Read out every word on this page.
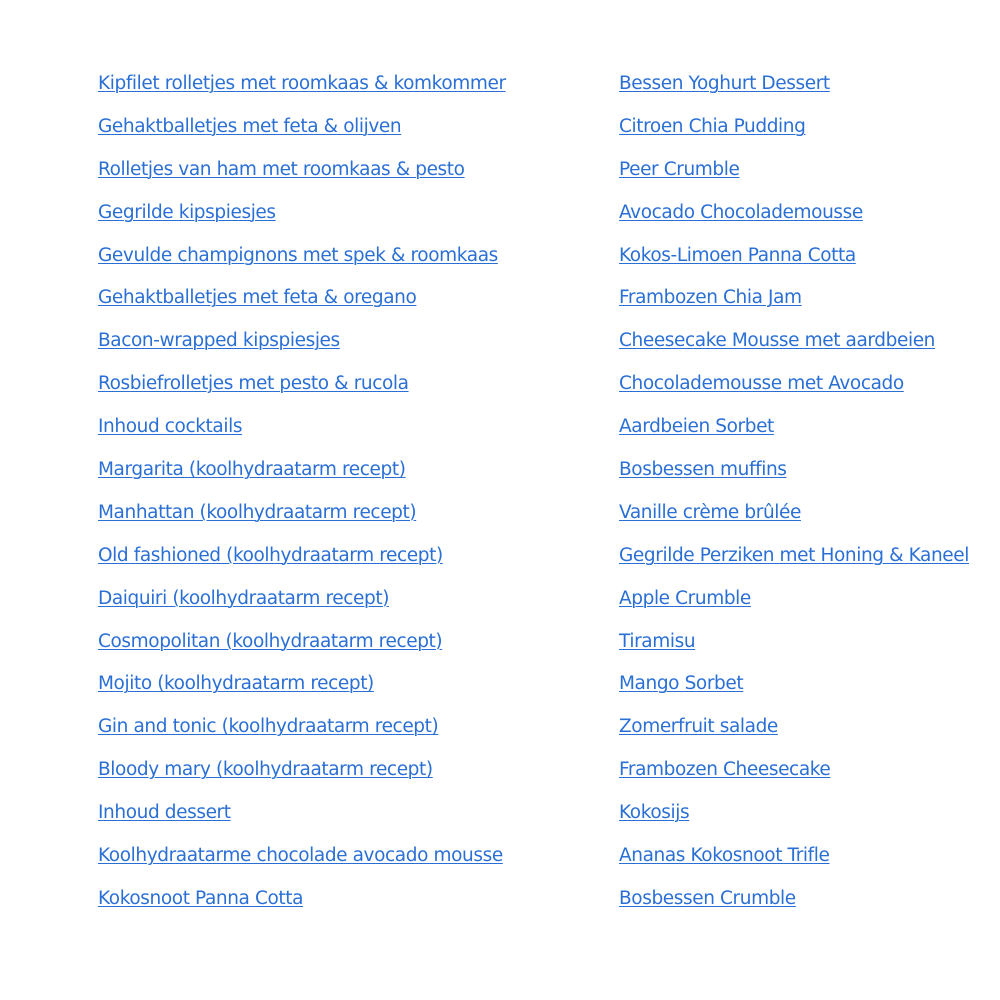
Kipfilet rolletjes met roomkaas & komkommer
Gehaktballetjes met feta & olijven
Rolletjes van ham met roomkaas & pesto
Gegrilde kipspiesjes
Gevulde champignons met spek & roomkaas
Gehaktballetjes met feta & oregano
Bacon-wrapped kipspiesjes
Rosbiefrolletjes met pesto & rucola
Inhoud cocktails
Margarita (koolhydraatarm recept)
Manhattan (koolhydraatarm recept)
Old fashioned (koolhydraatarm recept)
Daiquiri (koolhydraatarm recept)
Cosmopolitan (koolhydraatarm recept)
Mojito (koolhydraatarm recept)
Gin and tonic (koolhydraatarm recept)
Bloody mary (koolhydraatarm recept)
Inhoud dessert
Koolhydraatarme chocolade avocado mousse
Kokosnoot Panna Cotta
Bessen Yoghurt Dessert
Citroen Chia Pudding
Peer Crumble
Avocado Chocolademousse
Kokos-Limoen Panna Cotta
Frambozen Chia Jam
Cheesecake Mousse met aardbeien
Chocolademousse met Avocado
Aardbeien Sorbet
Bosbessen muffins
Vanille crème brûlée
Gegrilde Perziken met Honing & Kaneel
Apple Crumble
Tiramisu
Mango Sorbet
Zomerfruit salade
Frambozen Cheesecake
Kokosijs
Ananas Kokosnoot Trifle
Bosbessen Crumble
